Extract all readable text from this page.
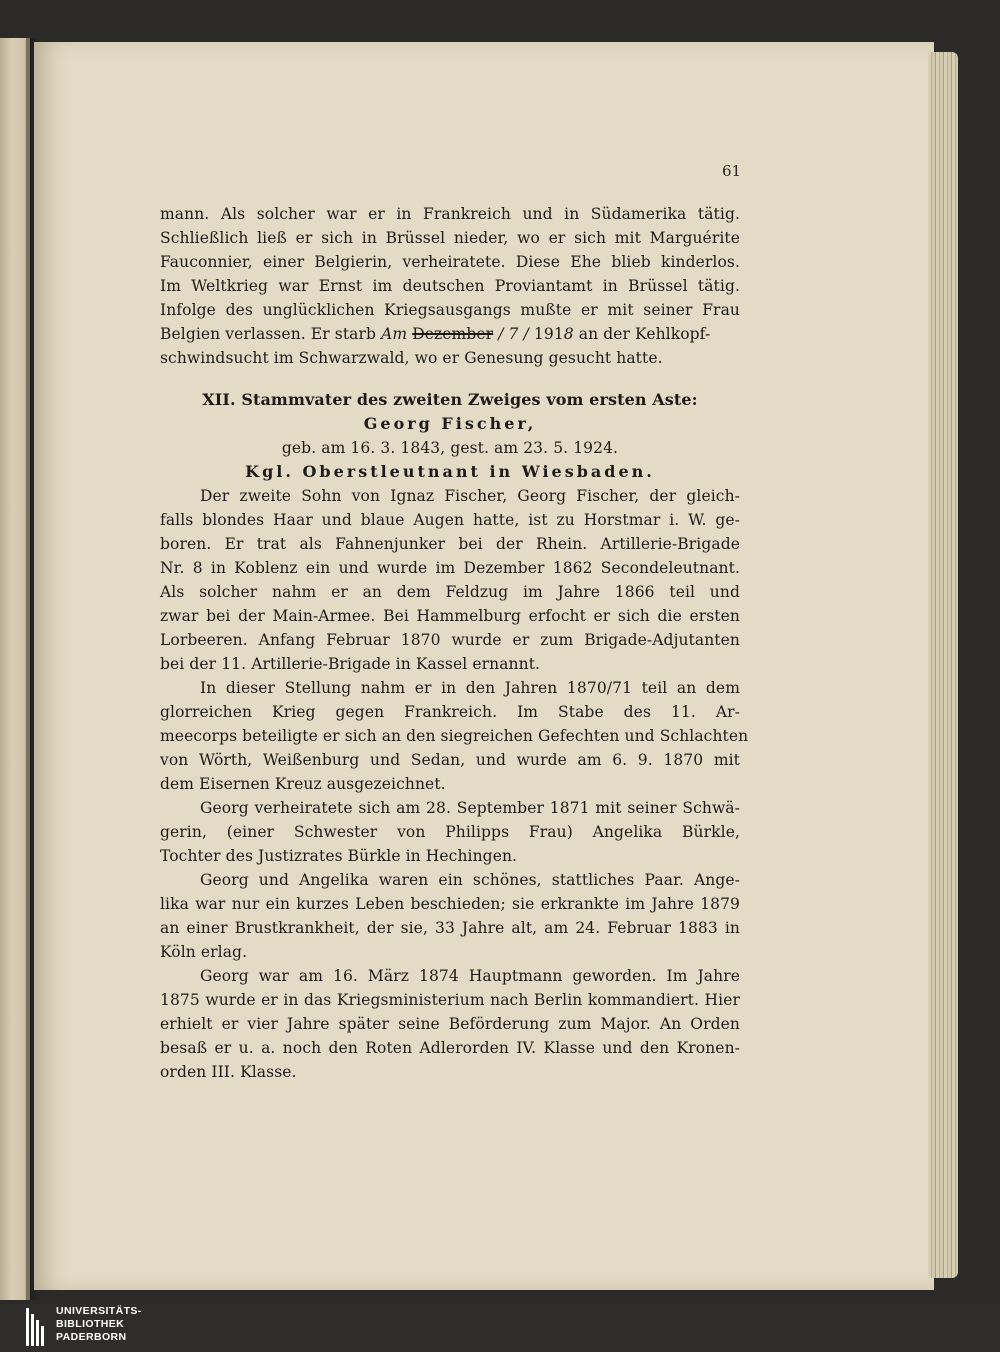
61
mann. Als solcher war er in Frankreich und in Südamerika tätig.
Schließlich ließ er sich in Brüssel nieder, wo er sich mit Marguérite
Fauconnier, einer Belgierin, verheiratete. Diese Ehe blieb kinderlos.
Im Weltkrieg war Ernst im deutschen Proviantamt in Brüssel tätig.
Infolge des unglücklichen Kriegsausgangs mußte er mit seiner Frau
Belgien verlassen. Er starb Am Dezember / 7 / 1918 an der Kehlkopf-
schwindsucht im Schwarzwald, wo er Genesung gesucht hatte.
XII. Stammvater des zweiten Zweiges vom ersten Aste:
Georg Fischer,
geb. am 16. 3. 1843, gest. am 23. 5. 1924.
Kgl. Oberstleutnant in Wiesbaden.
Der zweite Sohn von Ignaz Fischer, Georg Fischer, der gleich-
falls blondes Haar und blaue Augen hatte, ist zu Horstmar i. W. ge-
boren. Er trat als Fahnenjunker bei der Rhein. Artillerie-Brigade
Nr. 8 in Koblenz ein und wurde im Dezember 1862 Secondeleutnant.
Als solcher nahm er an dem Feldzug im Jahre 1866 teil und
zwar bei der Main-Armee. Bei Hammelburg erfocht er sich die ersten
Lorbeeren. Anfang Februar 1870 wurde er zum Brigade-Adjutanten
bei der 11. Artillerie-Brigade in Kassel ernannt.
In dieser Stellung nahm er in den Jahren 1870/71 teil an dem
glorreichen Krieg gegen Frankreich. Im Stabe des 11. Ar-
meecorps beteiligte er sich an den siegreichen Gefechten und Schlachten
von Wörth, Weißenburg und Sedan, und wurde am 6. 9. 1870 mit
dem Eisernen Kreuz ausgezeichnet.
Georg verheiratete sich am 28. September 1871 mit seiner Schwä-
gerin, (einer Schwester von Philipps Frau) Angelika Bürkle,
Tochter des Justizrates Bürkle in Hechingen.
Georg und Angelika waren ein schönes, stattliches Paar. Ange-
lika war nur ein kurzes Leben beschieden; sie erkrankte im Jahre 1879
an einer Brustkrankheit, der sie, 33 Jahre alt, am 24. Februar 1883 in
Köln erlag.
Georg war am 16. März 1874 Hauptmann geworden. Im Jahre
1875 wurde er in das Kriegsministerium nach Berlin kommandiert. Hier
erhielt er vier Jahre später seine Beförderung zum Major. An Orden
besaß er u. a. noch den Roten Adlerorden IV. Klasse und den Kronen-
orden III. Klasse.
UNIVERSITÄTS-
BIBLIOTHEK
PADERBORN
